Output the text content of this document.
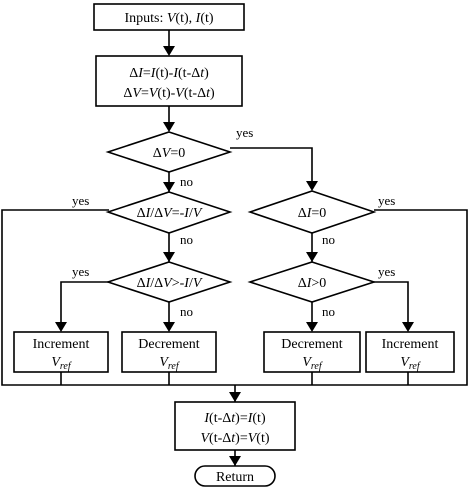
Inputs: V(t), I(t)
ΔI=I(t)-I(t-Δt)
ΔV=V(t)-V(t-Δt)
ΔV=0
ΔI/ΔV=-I/V	ΔI=0
ΔI/ΔV>-I/V	ΔI>0
Increment
$V_{ref}$
Decrement
$V_{ref}$
Decrement
$V_{ref}$
Increment
$V_{ref}$
I(t-Δt)=I(t)
V(t-Δt)=V(t)
Return
yes
no
yes
no
yes
no
yes
no
yes
no
